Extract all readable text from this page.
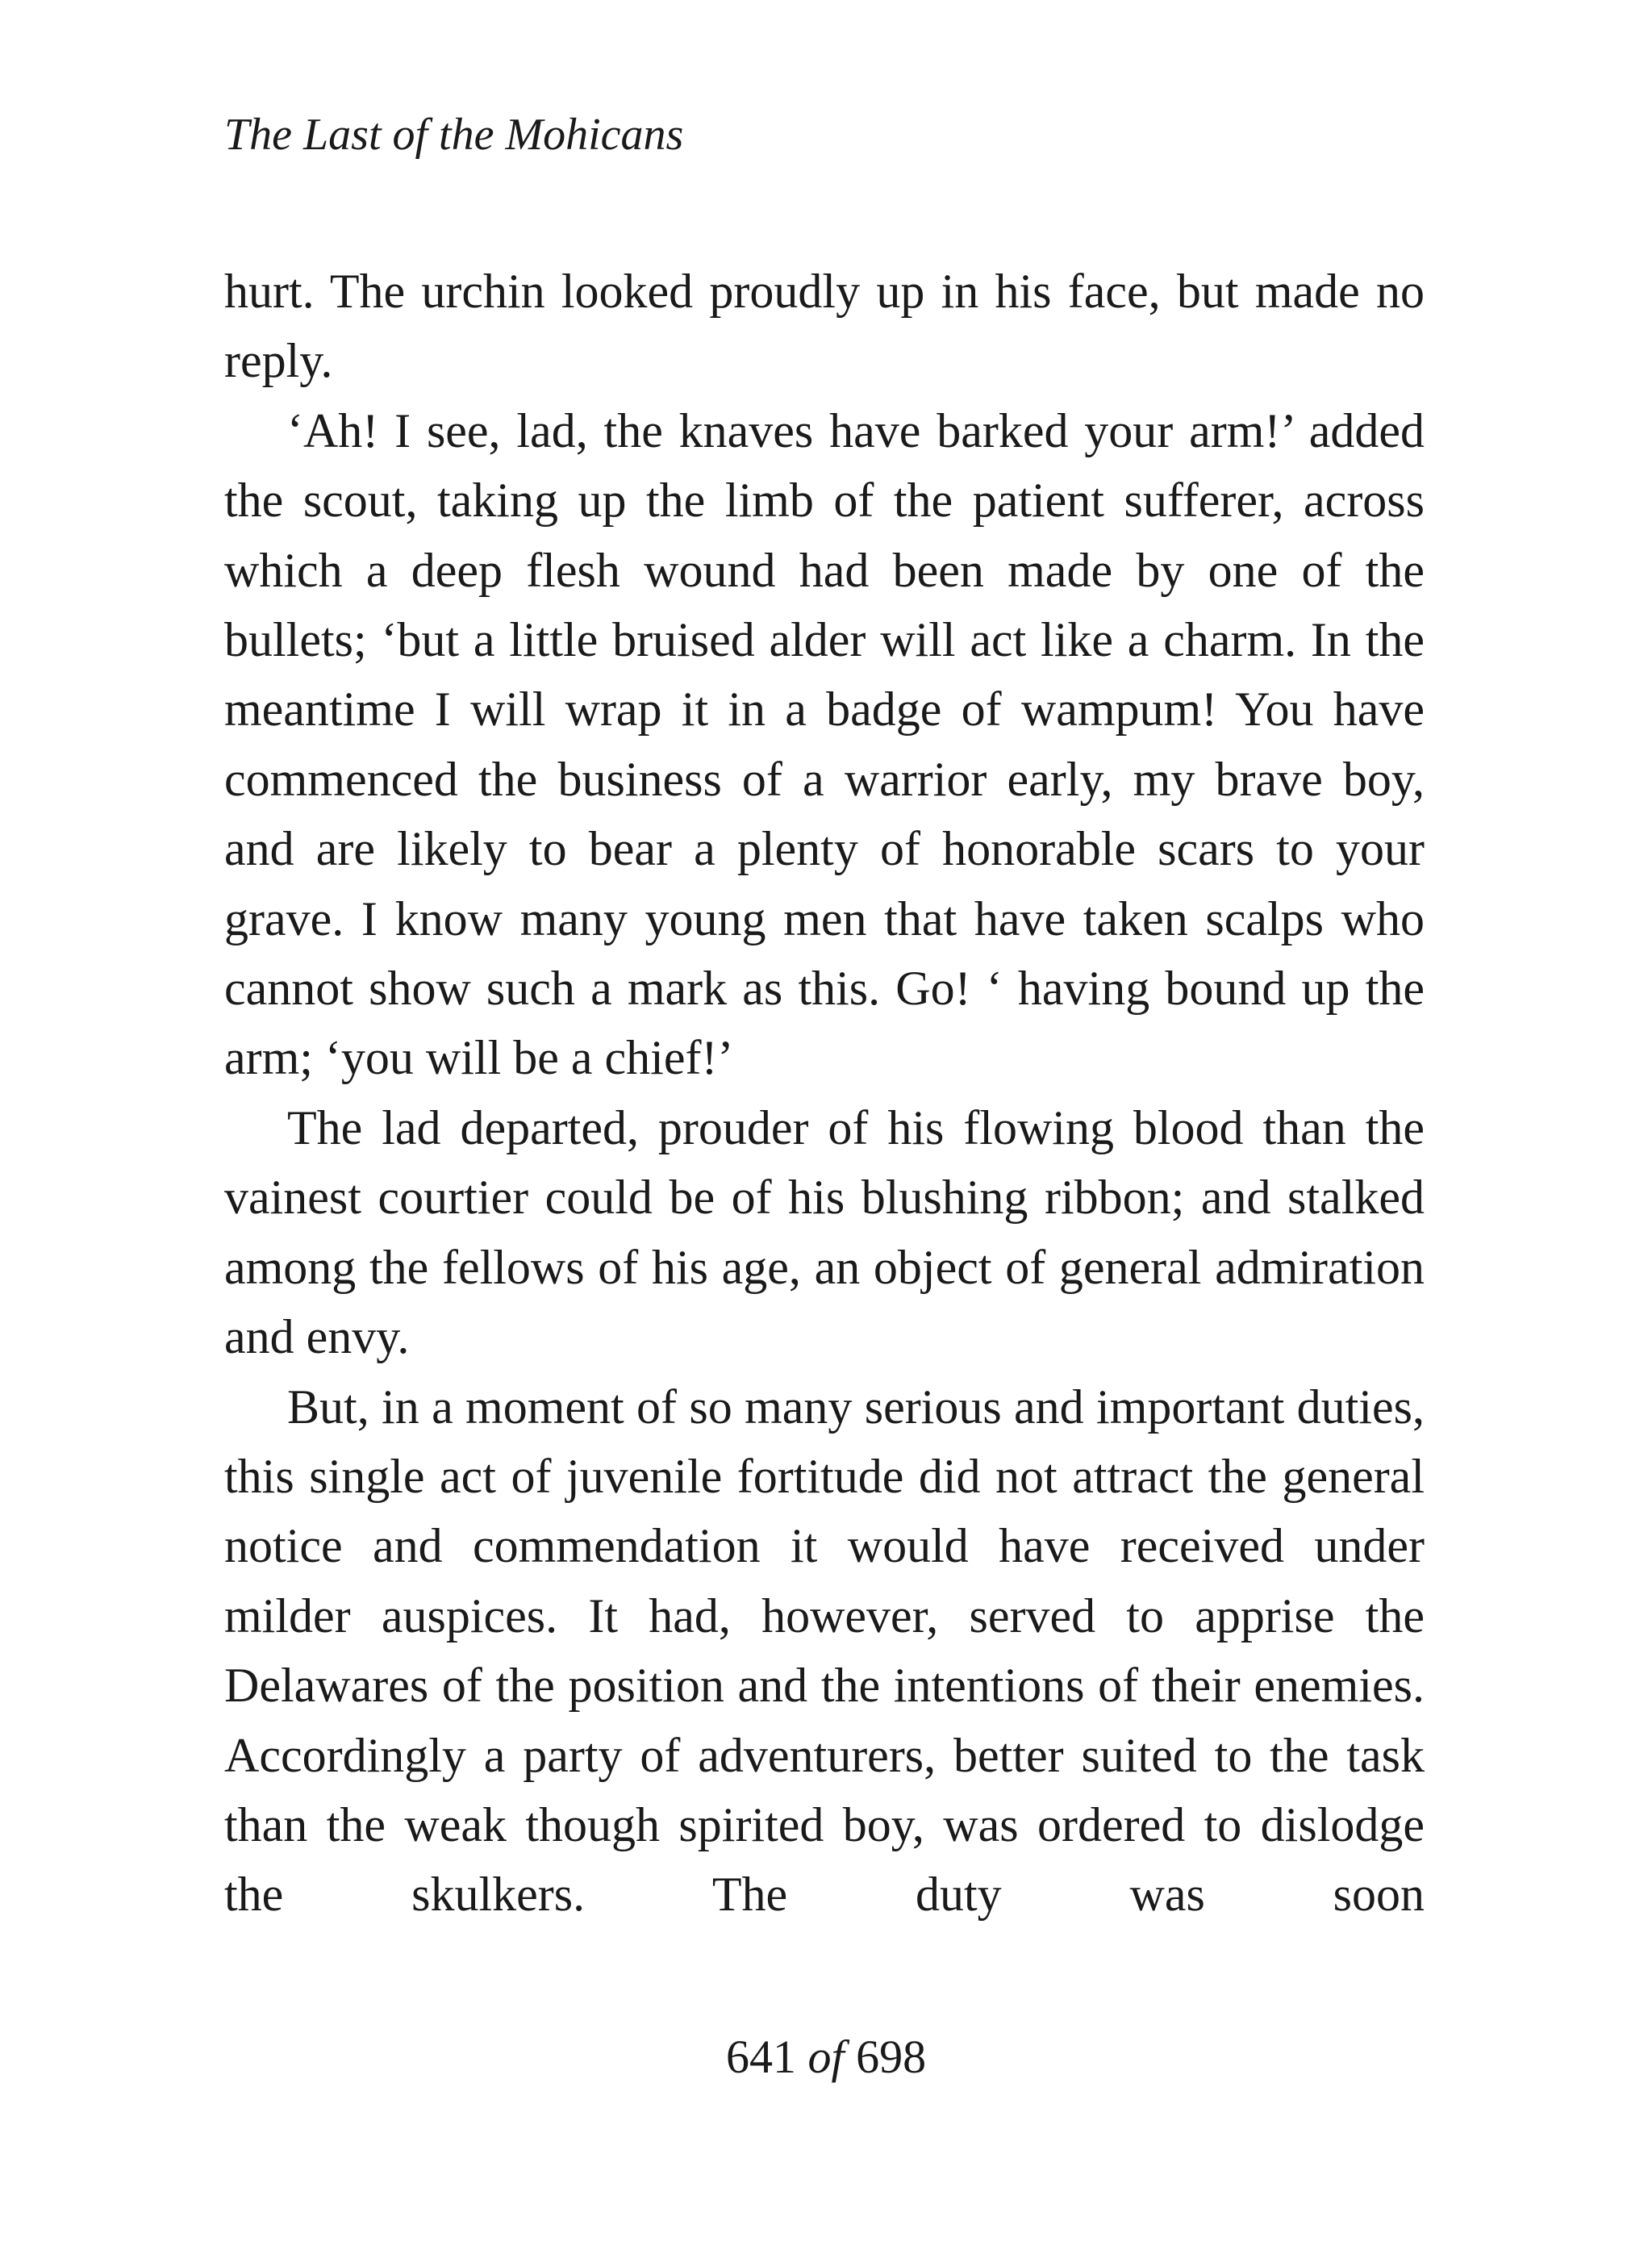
The Last of the Mohicans

hurt. The urchin looked proudly up in his face, but made no reply.

‘Ah! I see, lad, the knaves have barked your arm!’ added the scout, taking up the limb of the patient sufferer, across which a deep flesh wound had been made by one of the bullets; ‘but a little bruised alder will act like a charm. In the meantime I will wrap it in a badge of wampum! You have commenced the business of a warrior early, my brave boy, and are likely to bear a plenty of honorable scars to your grave. I know many young men that have taken scalps who cannot show such a mark as this. Go! ‘ having bound up the arm; ‘you will be a chief!’

The lad departed, prouder of his flowing blood than the vainest courtier could be of his blushing ribbon; and stalked among the fellows of his age, an object of general admiration and envy.

But, in a moment of so many serious and important duties, this single act of juvenile fortitude did not attract the general notice and commendation it would have received under milder auspices. It had, however, served to apprise the Delawares of the position and the intentions of their enemies. Accordingly a party of adventurers, better suited to the task than the weak though spirited boy, was ordered to dislodge the skulkers. The duty was soon

641 of 698
